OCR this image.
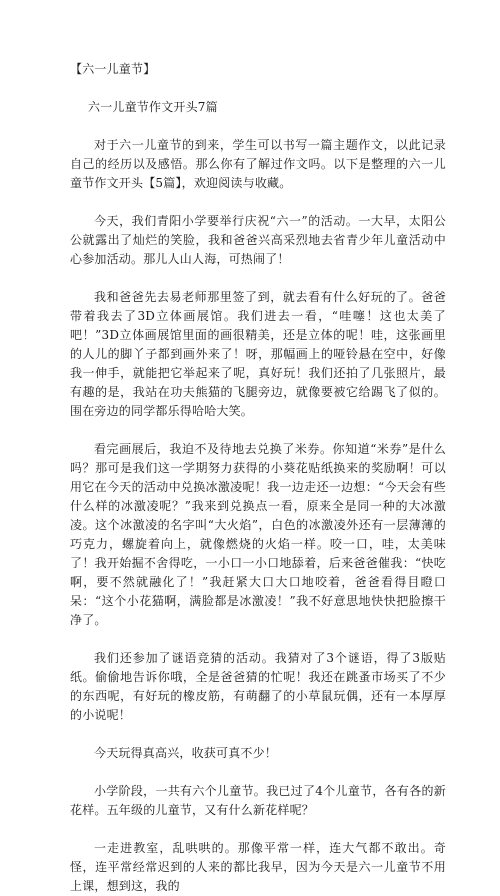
【六一儿童节】
六一儿童节作文开头7篇

对于六一儿童节的到来，学生可以书写一篇主题作文，以此记录自己的经历以及感悟。那么你有了解过作文吗。以下是整理的六一儿童节作文开头【5篇】，欢迎阅读与收藏。

今天，我们青阳小学要举行庆祝“六一”的活动。一大早，太阳公公就露出了灿烂的笑脸，我和爸爸兴高采烈地去省青少年儿童活动中心参加活动。那儿人山人海，可热闹了！

我和爸爸先去易老师那里签了到，就去看有什么好玩的了。爸爸带着我去了3D立体画展馆。我们进去一看，“哇噻！这也太美了吧！”3D立体画展馆里面的画很精美，还是立体的呢！哇，这张画里的人儿的脚丫子都到画外来了！呀，那幅画上的哑铃悬在空中，好像我一伸手，就能把它举起来了呢，真好玩！我们还拍了几张照片，最有趣的是，我站在功夫熊猫的飞腿旁边，就像要被它给踢飞了似的。围在旁边的同学都乐得哈哈大笑。

看完画展后，我迫不及待地去兑换了米券。你知道“米券”是什么吗？那可是我们这一学期努力获得的小葵花贴纸换来的奖励啊！可以用它在今天的活动中兑换冰激凌呢！我一边走还一边想：“今天会有些什么样的冰激凌呢？”我来到兑换点一看，原来全是同一种的大冰激凌。这个冰激凌的名字叫“大火焰”，白色的冰激凌外还有一层薄薄的巧克力，螺旋着向上，就像燃烧的火焰一样。咬一口，哇，太美味了！我开始掘不舍得吃，一小口一小口地舔着，后来爸爸催我：“快吃啊，要不然就融化了！”我赶紧大口大口地咬着，爸爸看得目瞪口呆：“这个小花猫啊，满脸都是冰激凌！”我不好意思地快快把脸擦干净了。

我们还参加了谜语竞猜的活动。我猜对了3个谜语，得了3版贴纸。偷偷地告诉你哦，全是爸爸猜的忙呢！我还在跳蚤市场买了不少的东西呢，有好玩的橡皮筋，有萌翻了的小草鼠玩偶，还有一本厚厚的小说呢！

今天玩得真高兴，收获可真不少！

小学阶段，一共有六个儿童节。我已过了4个儿童节，各有各的新花样。五年级的儿童节，又有什么新花样呢？

一走进教室，乱哄哄的。那像平常一样，连大气都不敢出。奇怪，连平常经常迟到的人来的都比我早，因为今天是六一儿童节不用上课，想到这，我的
